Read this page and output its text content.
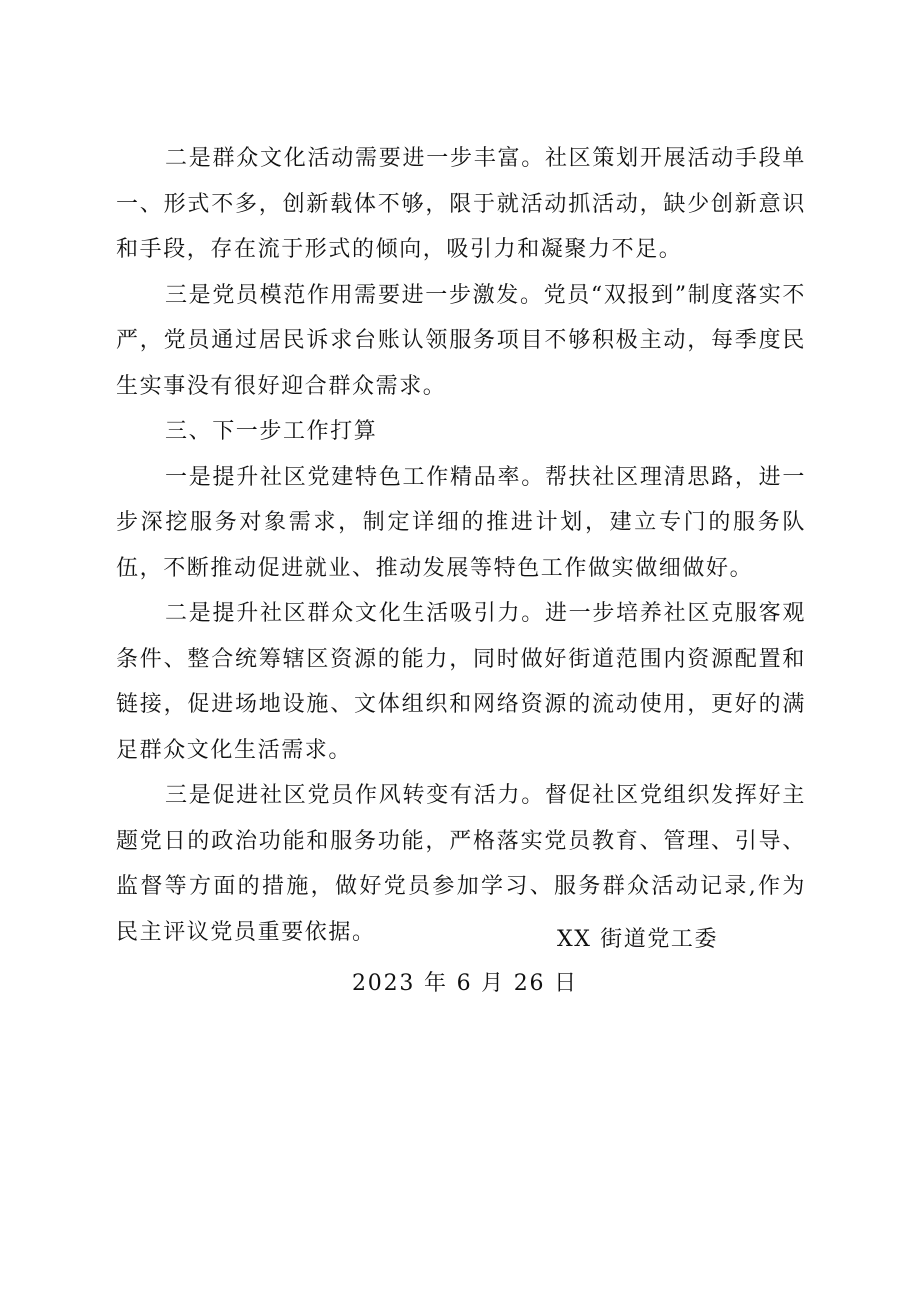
二是群众文化活动需要进一步丰富。社区策划开展活动手段单一、形式不多，创新载体不够，限于就活动抓活动，缺少创新意识和手段，存在流于形式的倾向，吸引力和凝聚力不足。

三是党员模范作用需要进一步激发。党员“双报到”制度落实不严，党员通过居民诉求台账认领服务项目不够积极主动，每季度民生实事没有很好迎合群众需求。

三、下一步工作打算

一是提升社区党建特色工作精品率。帮扶社区理清思路，进一步深挖服务对象需求，制定详细的推进计划，建立专门的服务队伍，不断推动促进就业、推动发展等特色工作做实做细做好。

二是提升社区群众文化生活吸引力。进一步培养社区克服客观条件、整合统筹辖区资源的能力，同时做好街道范围内资源配置和链接，促进场地设施、文体组织和网络资源的流动使用，更好的满足群众文化生活需求。

三是促进社区党员作风转变有活力。督促社区党组织发挥好主题党日的政治功能和服务功能，严格落实党员教育、管理、引导、监督等方面的措施，做好党员参加学习、服务群众活动记录,作为民主评议党员重要依据。	XX 街道党工委
2023 年 6 月 26 日
